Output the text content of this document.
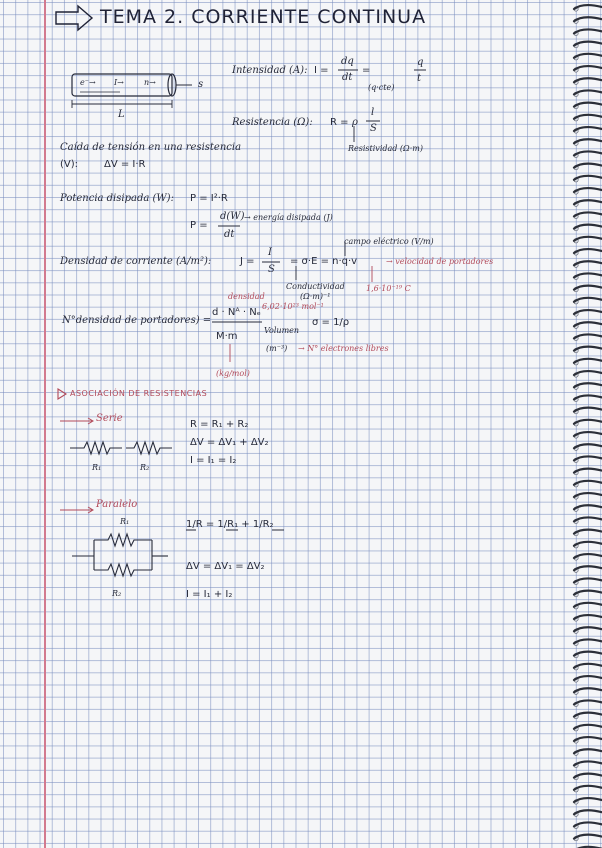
TEMA 2. CORRIENTE CONTINUA
e⁻→ I→	n→	s
L
Intensidad (A): I =
dq
dt
=
(q·cte)
q
t
Resistencia (Ω): R = ρ
l
S
Resistividad (Ω·m)
Caída de tensión en una resistencia
(V):	ΔV = I·R
Potencia disipada (W): P = I²·R
P =
d(W)
dt
→ energía disipada (J)
Densidad de corriente (A/m²):	J =
I
S
= σ·E = n·q·v
campo eléctrico (V/m)
→ velocidad de portadores
Conductividad
(Ω·m)⁻¹
1,6·10⁻¹⁹ C
N°densidad de portadores) =
densidad
d · Nᴬ · Nₑ
6,02·10²³ mol⁻¹
M·m
σ = 1/ρ
Volumen
(m⁻³) → N° electrones libres
(kg/mol)
ASOCIACIÓN DE RESISTENCIAS
Serie
R₁	R₂
R = R₁ + R₂
ΔV = ΔV₁ + ΔV₂
I = I₁ = I₂
Paralelo
R₁
R₂
1/R = 1/R₁ + 1/R₂
ΔV = ΔV₁ = ΔV₂
I = I₁ + I₂
